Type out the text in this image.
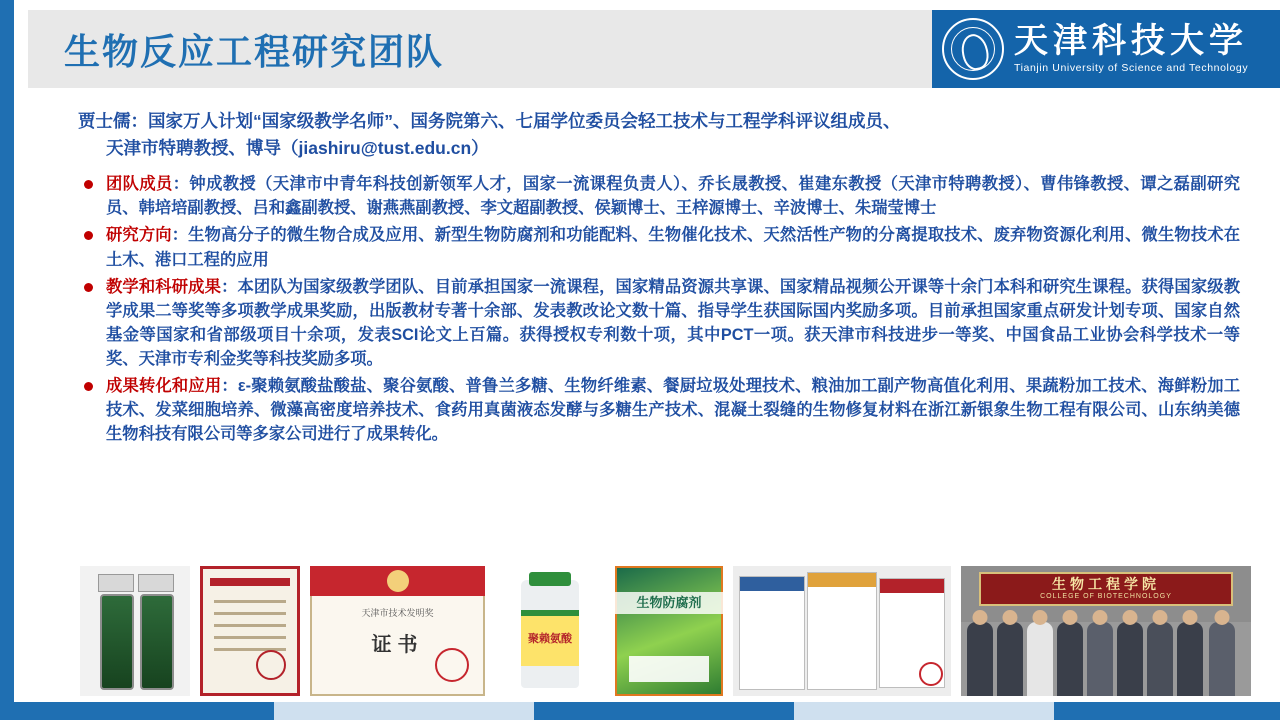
生物反应工程研究团队	天津科技大学
Tianjin University of Science and Technology
贾士儒：国家万人计划“国家级教学名师”、国务院第六、七届学位委员会轻工技术与工程学科评议组成员、
天津市特聘教授、博导（jiashiru@tust.edu.cn）
团队成员：钟成教授（天津市中青年科技创新领军人才，国家一流课程负责人）、乔长晟教授、崔建东教授（天津市特聘教授）、曹伟锋教授、谭之磊副研究员、韩培培副教授、吕和鑫副教授、谢燕燕副教授、李文超副教授、侯颖博士、王梓源博士、辛波博士、朱瑞莹博士
研究方向：生物高分子的微生物合成及应用、新型生物防腐剂和功能配料、生物催化技术、天然活性产物的分离提取技术、废弃物资源化利用、微生物技术在土木、港口工程的应用
教学和科研成果：本团队为国家级教学团队、目前承担国家一流课程，国家精品资源共享课、国家精品视频公开课等十余门本科和研究生课程。获得国家级教学成果二等奖等多项教学成果奖励，出版教材专著十余部、发表教改论文数十篇、指导学生获国际国内奖励多项。目前承担国家重点研发计划专项、国家自然基金等国家和省部级项目十余项，发表SCI论文上百篇。获得授权专利数十项，其中PCT一项。获天津市科技进步一等奖、中国食品工业协会科学技术一等奖、天津市专利金奖等科技奖励多项。
成果转化和应用：ε-聚赖氨酸盐酸盐、聚谷氨酸、普鲁兰多糖、生物纤维素、餐厨垃圾处理技术、粮油加工副产物高值化利用、果蔬粉加工技术、海鲜粉加工技术、发菜细胞培养、微藻高密度培养技术、食药用真菌液态发酵与多糖生产技术、混凝土裂缝的生物修复材料在浙江新银象生物工程有限公司、山东纳美德生物科技有限公司等多家公司进行了成果转化。
天津市技术发明奖
证书	聚赖氨酸
生物防腐剂
生物工程学院
COLLEGE OF BIOTECHNOLOGY
